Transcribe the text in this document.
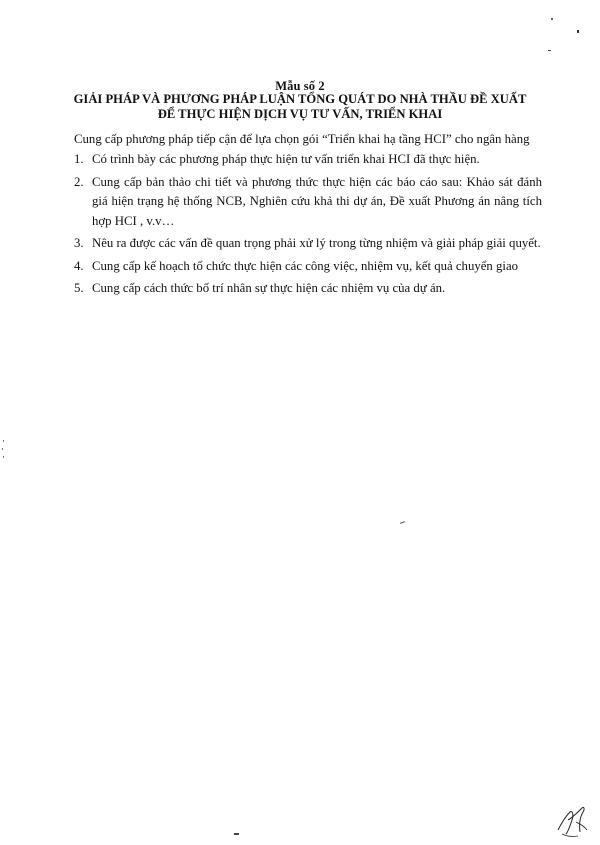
Mẫu số 2
GIẢI PHÁP VÀ PHƯƠNG PHÁP LUẬN TỔNG QUÁT DO NHÀ THẦU ĐỀ XUẤT
ĐỂ THỰC HIỆN DỊCH VỤ TƯ VẤN, TRIỂN KHAI
Cung cấp phương pháp tiếp cận để lựa chọn gói “Triển khai hạ tầng HCI” cho ngân hàng
1. Có trình bày các phương pháp thực hiện tư vấn triển khai HCI đã thực hiện.
2. Cung cấp bản thảo chi tiết và phương thức thực hiện các báo cáo sau: Khảo sát đánh giá hiện trạng hệ thống NCB, Nghiên cứu khả thi dự án, Đề xuất Phương án nâng tích hợp HCI , v.v…
3. Nêu ra được các vấn đề quan trọng phải xử lý trong từng nhiệm và giải pháp giải quyết.
4. Cung cấp kế hoạch tổ chức thực hiện các công việc, nhiệm vụ, kết quả chuyển giao
5. Cung cấp cách thức bố trí nhân sự thực hiện các nhiệm vụ của dự án.
